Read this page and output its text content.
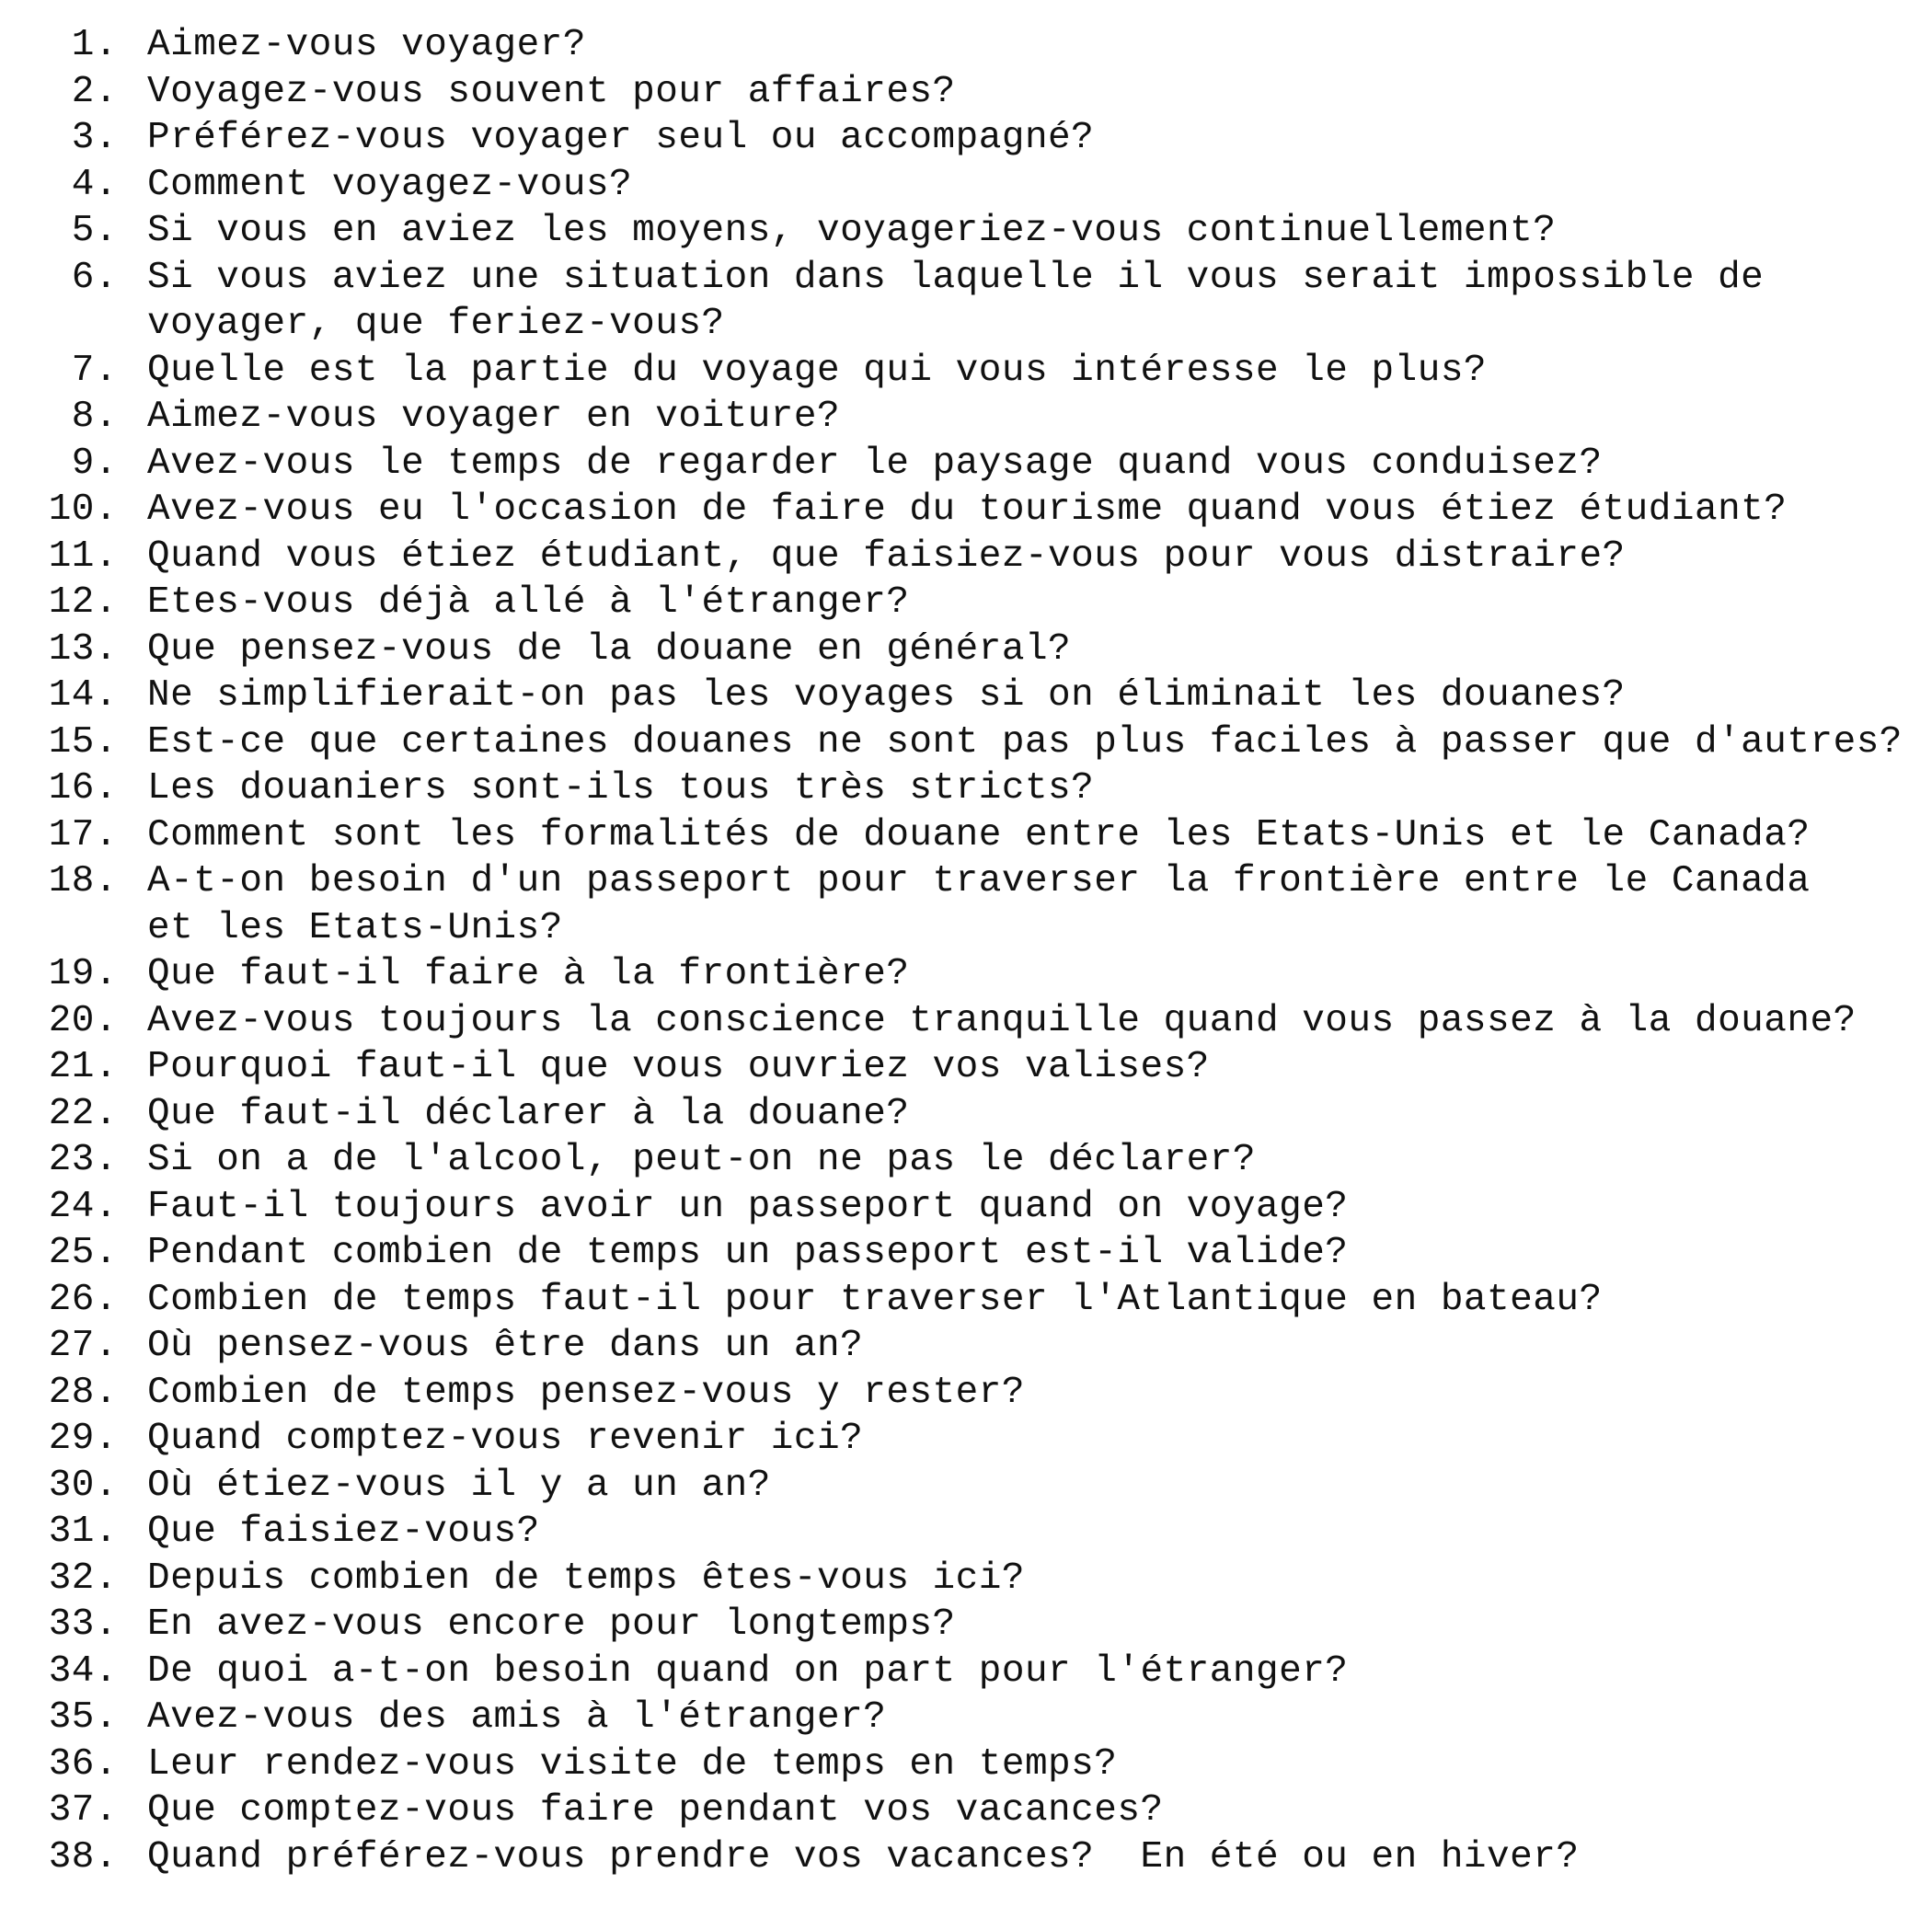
1. Aimez-vous voyager?
2. Voyagez-vous souvent pour affaires?
3. Préférez-vous voyager seul ou accompagné?
4. Comment voyagez-vous?
5. Si vous en aviez les moyens, voyageriez-vous continuellement?
6. Si vous aviez une situation dans laquelle il vous serait impossible de
voyager, que feriez-vous?
7. Quelle est la partie du voyage qui vous intéresse le plus?
8. Aimez-vous voyager en voiture?
9. Avez-vous le temps de regarder le paysage quand vous conduisez?
10. Avez-vous eu l'occasion de faire du tourisme quand vous étiez étudiant?
11. Quand vous étiez étudiant, que faisiez-vous pour vous distraire?
12. Etes-vous déjà allé à l'étranger?
13. Que pensez-vous de la douane en général?
14. Ne simplifierait-on pas les voyages si on éliminait les douanes?
15. Est-ce que certaines douanes ne sont pas plus faciles à passer que d'autres?
16. Les douaniers sont-ils tous très stricts?
17. Comment sont les formalités de douane entre les Etats-Unis et le Canada?
18. A-t-on besoin d'un passeport pour traverser la frontière entre le Canada
et les Etats-Unis?
19. Que faut-il faire à la frontière?
20. Avez-vous toujours la conscience tranquille quand vous passez à la douane?
21. Pourquoi faut-il que vous ouvriez vos valises?
22. Que faut-il déclarer à la douane?
23. Si on a de l'alcool, peut-on ne pas le déclarer?
24. Faut-il toujours avoir un passeport quand on voyage?
25. Pendant combien de temps un passeport est-il valide?
26. Combien de temps faut-il pour traverser l'Atlantique en bateau?
27. Où pensez-vous être dans un an?
28. Combien de temps pensez-vous y rester?
29. Quand comptez-vous revenir ici?
30. Où étiez-vous il y a un an?
31. Que faisiez-vous?
32. Depuis combien de temps êtes-vous ici?
33. En avez-vous encore pour longtemps?
34. De quoi a-t-on besoin quand on part pour l'étranger?
35. Avez-vous des amis à l'étranger?
36. Leur rendez-vous visite de temps en temps?
37. Que comptez-vous faire pendant vos vacances?
38. Quand préférez-vous prendre vos vacances?  En été ou en hiver?
